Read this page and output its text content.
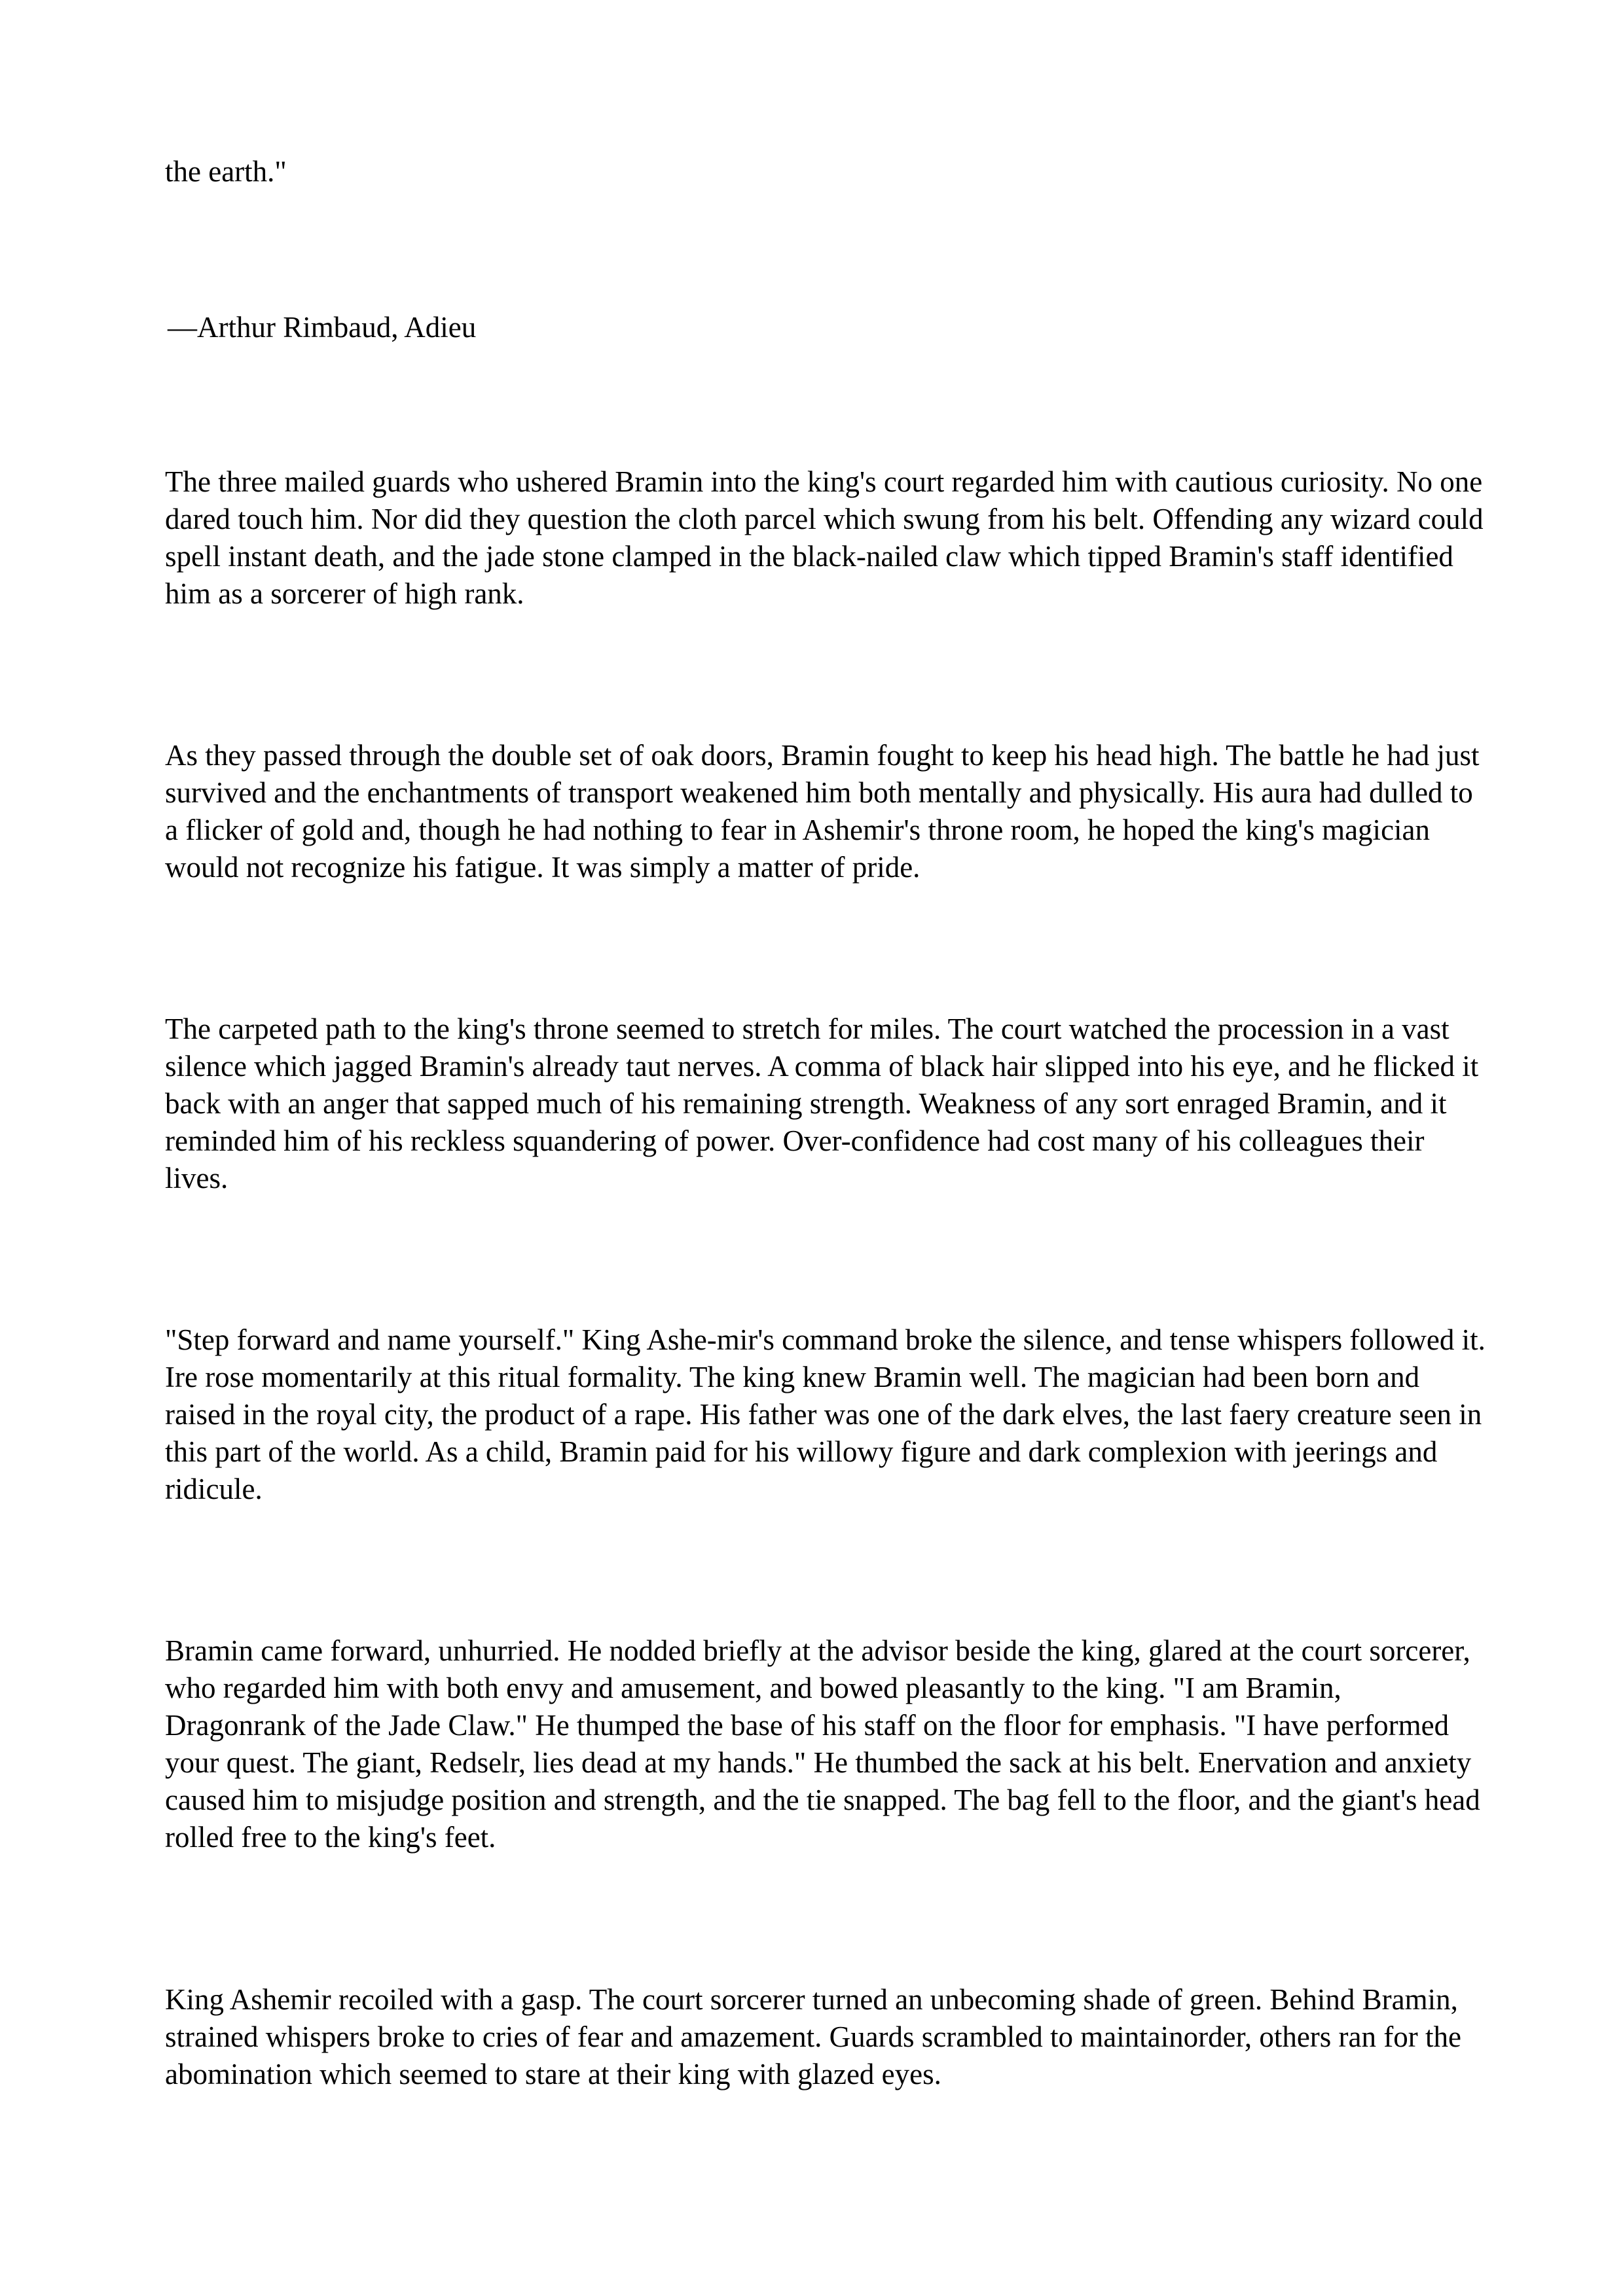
the earth."

—Arthur Rimbaud, Adieu

The three mailed guards who ushered Bramin into the king's court regarded him with cautious curiosity. No one dared touch him. Nor did they question the cloth parcel which swung from his belt. Offending any wizard could spell instant death, and the jade stone clamped in the black-nailed claw which tipped Bramin's staff identified him as a sorcerer of high rank.

As they passed through the double set of oak doors, Bramin fought to keep his head high. The battle he had just survived and the enchantments of transport weakened him both mentally and physically. His aura had dulled to a flicker of gold and, though he had nothing to fear in Ashemir's throne room, he hoped the king's magician would not recognize his fatigue. It was simply a matter of pride.

The carpeted path to the king's throne seemed to stretch for miles. The court watched the procession in a vast silence which jagged Bramin's already taut nerves. A comma of black hair slipped into his eye, and he flicked it back with an anger that sapped much of his remaining strength. Weakness of any sort enraged Bramin, and it reminded him of his reckless squandering of power. Over-confidence had cost many of his colleagues their lives.

"Step forward and name yourself." King Ashe-mir's command broke the silence, and tense whispers followed it. Ire rose momentarily at this ritual formality. The king knew Bramin well. The magician had been born and raised in the royal city, the product of a rape. His father was one of the dark elves, the last faery creature seen in this part of the world. As a child, Bramin paid for his willowy figure and dark complexion with jeerings and ridicule.

Bramin came forward, unhurried. He nodded briefly at the advisor beside the king, glared at the court sorcerer, who regarded him with both envy and amusement, and bowed pleasantly to the king. "I am Bramin, Dragonrank of the Jade Claw." He thumped the base of his staff on the floor for emphasis. "I have performed your quest. The giant, Redselr, lies dead at my hands." He thumbed the sack at his belt. Enervation and anxiety caused him to misjudge position and strength, and the tie snapped. The bag fell to the floor, and the giant's head rolled free to the king's feet.

King Ashemir recoiled with a gasp. The court sorcerer turned an unbecoming shade of green. Behind Bramin, strained whispers broke to cries of fear and amazement. Guards scrambled to maintainorder, others ran for the abomination which seemed to stare at their king with glazed eyes.
